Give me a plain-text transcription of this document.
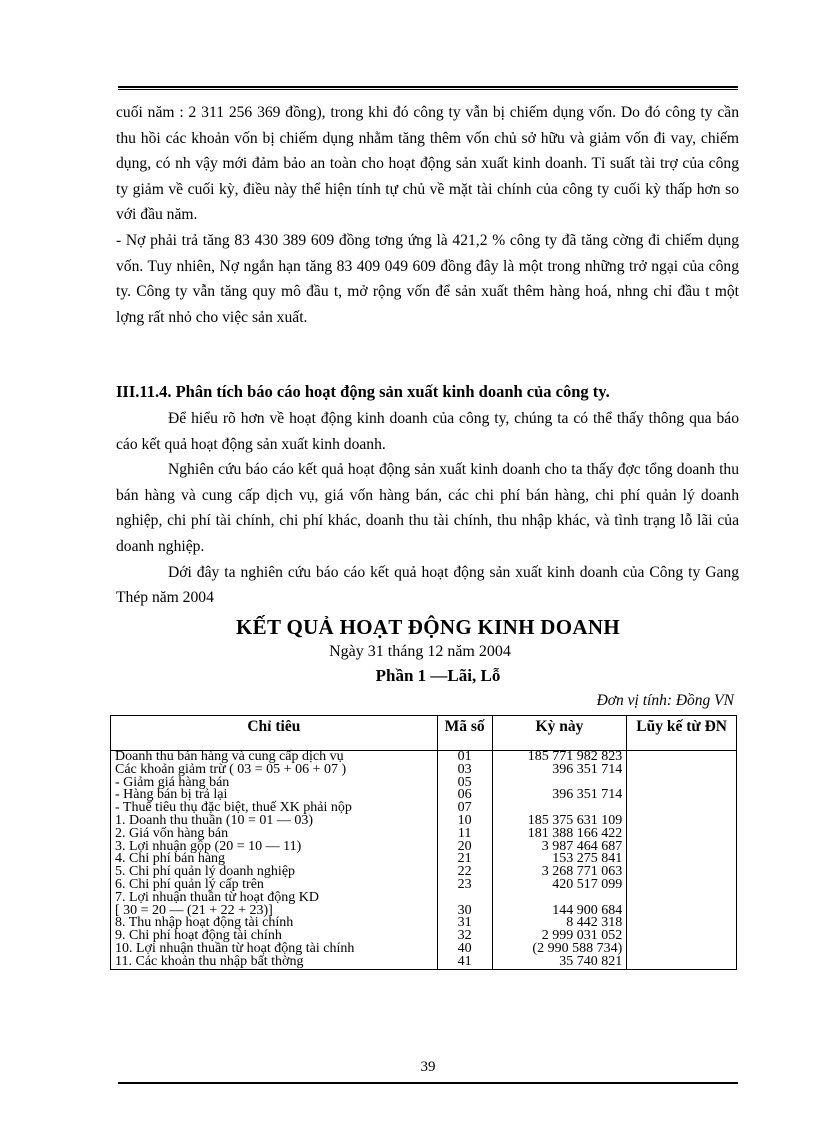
cuối năm : 2 311 256 369 đồng), trong khi đó công ty vẫn bị chiếm dụng vốn. Do đó công ty cần thu hồi các khoản vốn bị chiếm dụng nhằm tăng thêm vốn chủ sở hữu và giảm vốn đi vay, chiếm dụng, có nh vậy mới đảm bảo an toàn cho hoạt động sản xuất kinh doanh. Tỉ suất tài trợ của công ty giảm về cuối kỳ, điều này thể hiện tính tự chủ về mặt tài chính của công ty cuối kỳ thấp hơn so với đầu năm.

- Nợ phải trả tăng 83 430 389 609 đồng tơng ứng là 421,2 % công ty đã tăng cờng đi chiếm dụng vốn. Tuy nhiên, Nợ ngắn hạn tăng 83 409 049 609 đồng đây là một trong những trở ngại của công ty. Công ty vẫn tăng quy mô đầu t, mở rộng vốn để sản xuất thêm hàng hoá, nhng chỉ đầu t một lợng rất nhỏ cho việc sản xuất.

III.11.4. Phân tích báo cáo hoạt động sản xuất kinh doanh của công ty.

Để hiểu rõ hơn về hoạt động kinh doanh của công ty, chúng ta có thể thấy thông qua báo cáo kết quả hoạt động sản xuất kinh doanh.

Nghiên cứu báo cáo kết quả hoạt động sản xuất kinh doanh cho ta thấy đợc tổng doanh thu bán hàng và cung cấp dịch vụ, giá vốn hàng bán, các chi phí bán hàng, chi phí quản lý doanh nghiệp, chi phí tài chính, chi phí khác, doanh thu tài chính, thu nhập khác, và tình trạng lỗ lãi của doanh nghiệp.

Dới đây ta nghiên cứu báo cáo kết quả hoạt động sản xuất kinh doanh của Công ty Gang Thép năm 2004

KẾT QUẢ HOẠT ĐỘNG KINH DOANH
Ngày 31 tháng 12 năm 2004
Phần 1 —Lãi, Lỗ
Đơn vị tính: Đồng VN
Chỉ tiêu	Mã số	Kỳ này	Lũy kế từ ĐN
Doanh thu bán hàng và cung cấp dịch vụ	01	185 771 982 823	
Các khoản giảm trừ ( 03 = 05 + 06 + 07 )	03	396 351 714	
- Giảm giá hàng bán	05		
- Hàng bán bị trả lại	06	396 351 714	
- Thuế tiêu thụ đặc biệt, thuế XK phải nộp	07		
1. Doanh thu thuần (10 = 01 — 03)	10	185 375 631 109	
2. Giá vốn hàng bán	11	181 388 166 422	
3. Lợi nhuận gộp (20 = 10 — 11)	20	3 987 464 687	
4. Chi phí bán hàng	21	153 275 841	
5. Chi phí quản lý doanh nghiệp	22	3 268 771 063	
6. Chi phí quản lý cấp trên	23	420 517 099	
7. Lợi nhuận thuần từ hoạt động KD			
[ 30 = 20 — (21 + 22 + 23)]	30	144 900 684	
8. Thu nhập hoạt động tài chính	31	8 442 318	
9. Chi phí hoạt động tài chính	32	2 999 031 052	
10. Lợi nhuận thuần từ hoạt động tài chính	40	(2 990 588 734)	
11. Các khoản thu nhập bất thờng	41	35 740 821	
39
